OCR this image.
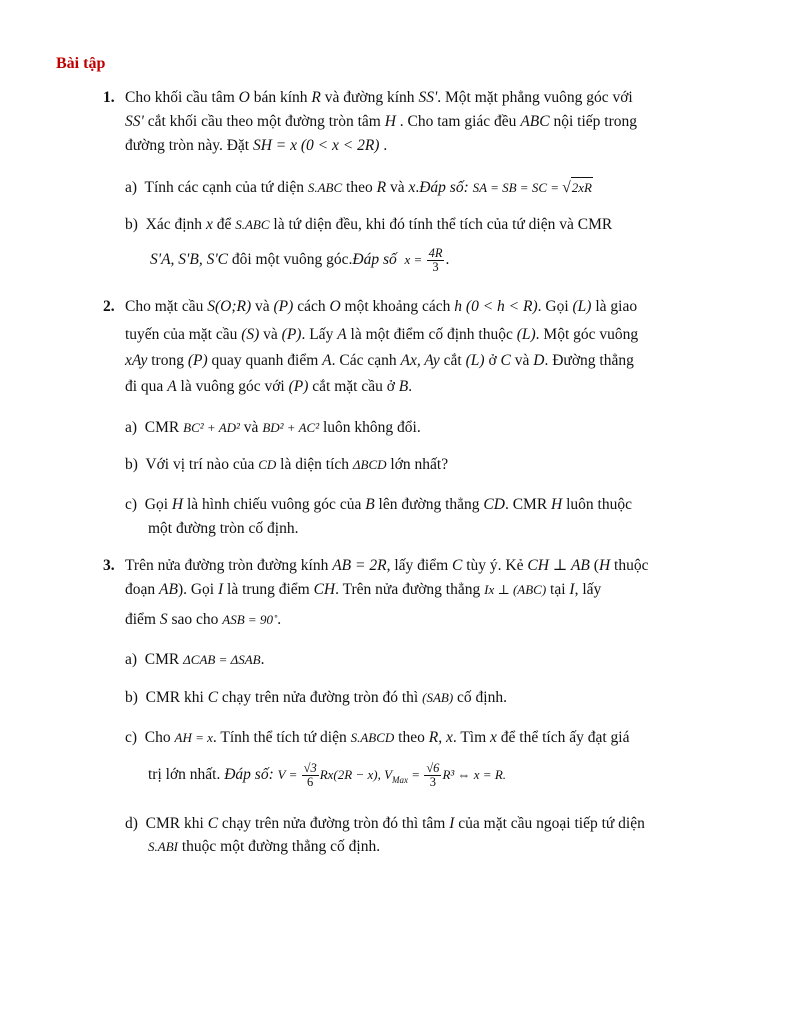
Bài tập
1. Cho khối cầu tâm O bán kính R và đường kính SS'. Một mặt phẳng vuông góc với
SS' cắt khối cầu theo một đường tròn tâm H . Cho tam giác đều ABC nội tiếp trong
đường tròn này. Đặt SH = x (0 < x < 2R) .
a) Tính các cạnh của tứ diện S.ABC theo R và x.Đáp số: SA = SB = SC = √2xR
b) Xác định x để S.ABC là tứ diện đều, khi đó tính thể tích của tứ diện và CMR
S'A, S'B, S'C đôi một vuông góc.Đáp số $x = \frac{4R}{3}$ .
2. Cho mặt cầu S(O;R) và (P) cách O một khoảng cách h (0 < h < R). Gọi (L) là giao
tuyến của mặt cầu (S) và (P). Lấy A là một điểm cố định thuộc (L). Một góc vuông
xAy trong (P) quay quanh điểm A. Các cạnh Ax, Ay cắt (L) ở C và D. Đường thẳng
đi qua A là vuông góc với (P) cắt mặt cầu ở B.
a) CMR BC² + AD² và BD² + AC² luôn không đổi.
b) Với vị trí nào của CD là diện tích ΔBCD lớn nhất?
c) Gọi H là hình chiếu vuông góc của B lên đường thẳng CD. CMR H luôn thuộc
một đường tròn cố định.
3. Trên nửa đường tròn đường kính AB = 2R, lấy điểm C tùy ý. Kẻ CH ⊥ AB (H thuộc
đoạn AB). Gọi I là trung điểm CH. Trên nửa đường thẳng Ix ⊥ (ABC) tại I, lấy
điểm S sao cho ASB = 90˚.
a) CMR ΔCAB = ΔSAB.
b) CMR khi C chạy trên nửa đường tròn đó thì (SAB) cố định.
c) Cho AH = x. Tính thể tích tứ diện S.ABCD theo R, x. Tìm x để thể tích ấy đạt giá
trị lớn nhất. Đáp số: $V = \frac{√3}{6} Rx(2R - x)$, $V_{Max} = \frac{√6}{3} R^3$ ⇔ x = R.
d) CMR khi C chạy trên nửa đường tròn đó thì tâm I của mặt cầu ngoại tiếp tứ diện
S.ABI thuộc một đường thẳng cố định.
